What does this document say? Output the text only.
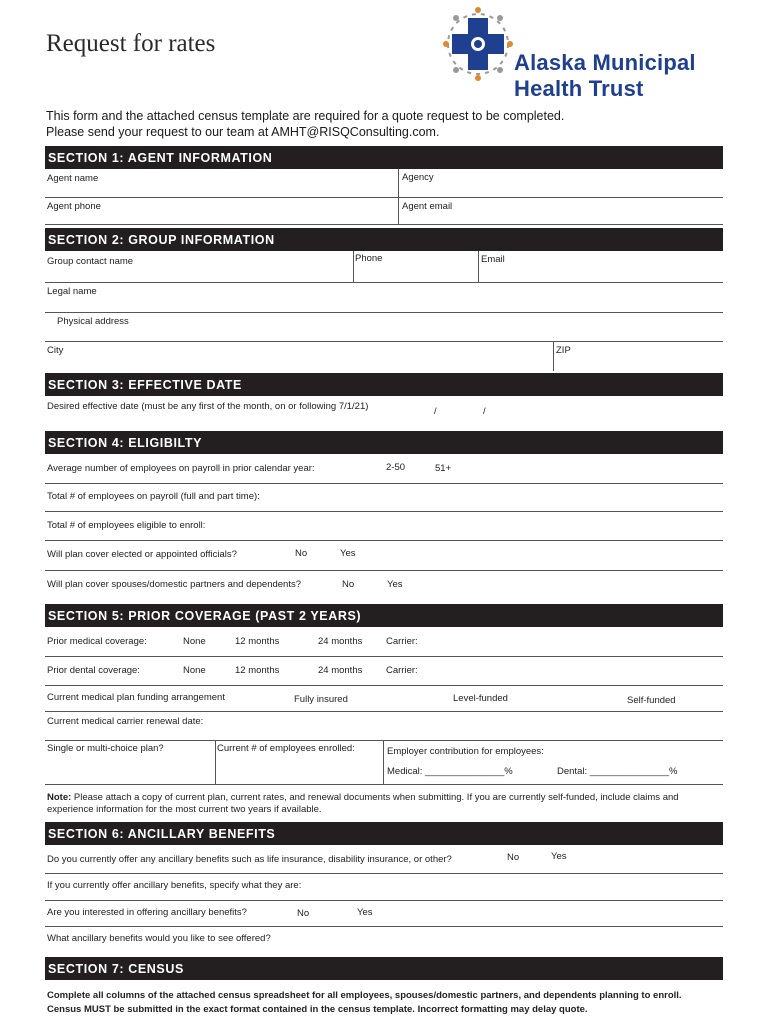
Request for rates
Alaska Municipal
Health Trust
This form and the attached census template are required for a quote request to be completed. Please send your request to our team at AMHT@RISQConsulting.com.
SECTION 1: AGENT INFORMATION
Agent name	Agency
Agent phone	Agent email
SECTION 2: GROUP INFORMATION
Group contact name	Phone	Email
Legal name
Physical address
City	ZIP
SECTION 3: EFFECTIVE DATE
Desired effective date (must be any first of the month, on or following 7/1/21)	/	/
SECTION 4: ELIGIBILTY
Average number of employees on payroll in prior calendar year:	2-50	51+
Total # of employees on payroll (full and part time):
Total # of employees eligible to enroll:
Will plan cover elected or appointed officials?	No	Yes
Will plan cover spouses/domestic partners and dependents?	No	Yes
SECTION 5: PRIOR COVERAGE (PAST 2 YEARS)
Prior medical coverage:	None	12 months	24 months Carrier:
Prior dental coverage:	None	12 months	24 months Carrier:
Current medical plan funding arrangement	Fully insured	Level-funded	Self-funded
Current medical carrier renewal date:
Single or multi-choice plan?	Current # of employees enrolled:	Employer contribution for employees:
Medical: _______________%	Dental: _______________%
Note: Please attach a copy of current plan, current rates, and renewal documents when submitting. If you are currently self-funded, include claims and experience information for the most current two years if available.
SECTION 6: ANCILLARY BENEFITS
Do you currently offer any ancillary benefits such as life insurance, disability insurance, or other?	No	Yes
If you currently offer ancillary benefits, specify what they are:
Are you interested in offering ancillary benefits?	No	Yes
What ancillary benefits would you like to see offered?
SECTION 7: CENSUS
Complete all columns of the attached census spreadsheet for all employees, spouses/domestic partners, and dependents planning to enroll.
Census MUST be submitted in the exact format contained in the census template. Incorrect formatting may delay quote.
